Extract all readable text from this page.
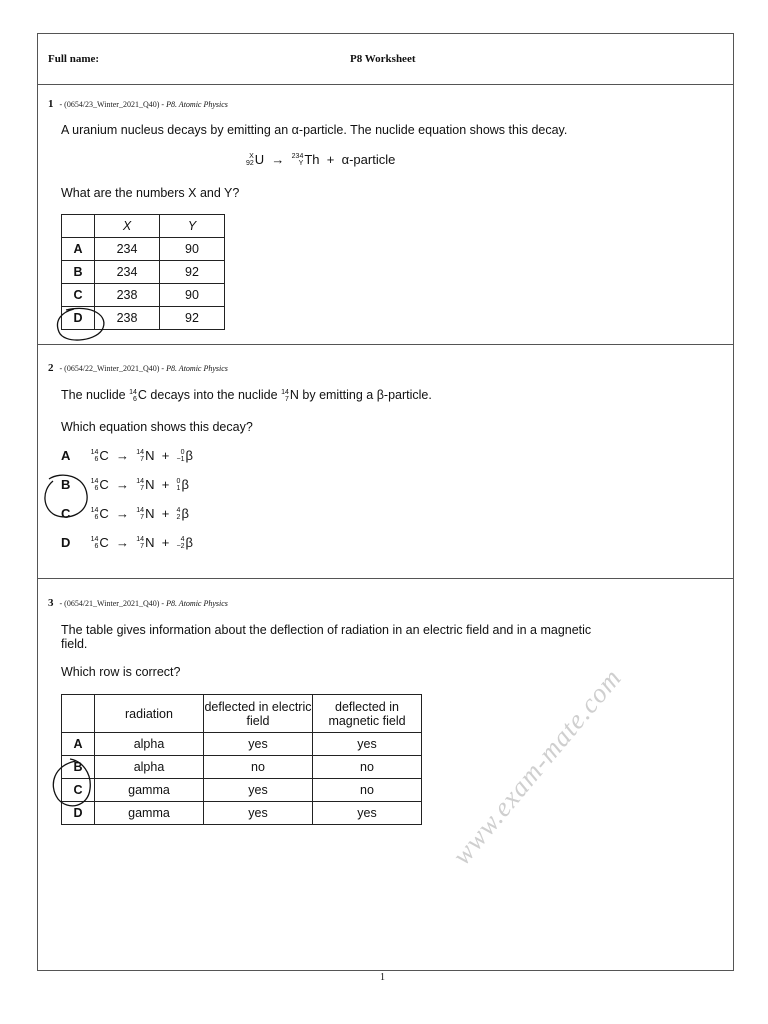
Full name:	P8 Worksheet
1 - (0654/23_Winter_2021_Q40) - P8. Atomic Physics
A uranium nucleus decays by emitting an α-particle. The nuclide equation shows this decay.
X
92 U → 234
Y Th + α-particle
What are the numbers X and Y?
	X	Y
A	234	90
B	234	92
C	238	90
D	238	92
2 - (0654/22_Winter_2021_Q40) - P8. Atomic Physics
The nuclide 14
6 C decays into the nuclide 14
7 N by emitting a β-particle.
Which equation shows this decay?
A	14
6 C → 14
7 N +	0
−1 β
B	14
6 C → 14
7 N + 0
1 β
C	14
6 C → 14
7 N + 4
2 β
D	14
6 C → 14
7 N +	4
−2 β
3 - (0654/21_Winter_2021_Q40) - P8. Atomic Physics
The table gives information about the deflection of radiation in an electric field and in a magnetic field.
Which row is correct?
	radiation	deflected in electric field	deflected in magnetic field
A	alpha	yes	yes
B	alpha	no	no
C	gamma	yes	no
D	gamma	yes	yes	www.exam-mate.com
1
